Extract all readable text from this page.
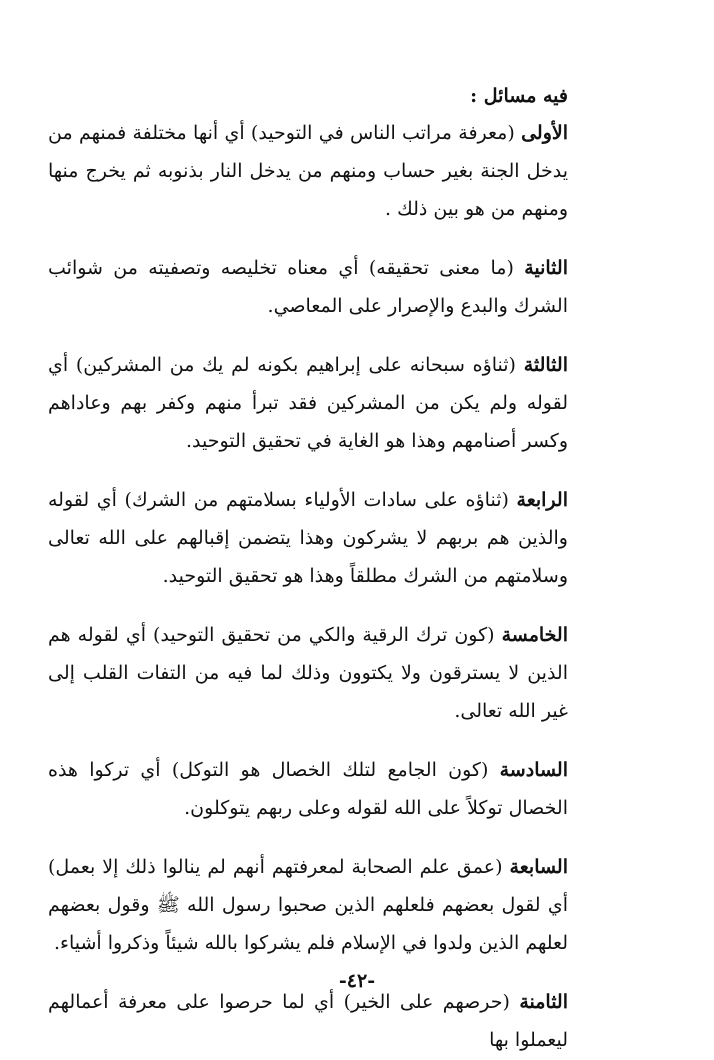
فيه مسائل :

الأولى (معرفة مراتب الناس في التوحيد) أي أنها مختلفة فمنهم من يدخل الجنة بغير حساب ومنهم من يدخل النار بذنوبه ثم يخرج منها ومنهم من هو بين ذلك .

الثانية (ما معنى تحقيقه) أي معناه تخليصه وتصفيته من شوائب الشرك والبدع والإصرار على المعاصي.

الثالثة (ثناؤه سبحانه على إبراهيم بكونه لم يك من المشركين) أي لقوله ولم يكن من المشركين فقد تبرأ منهم وكفر بهم وعاداهم وكسر أصنامهم وهذا هو الغاية في تحقيق التوحيد.

الرابعة (ثناؤه على سادات الأولياء بسلامتهم من الشرك) أي لقوله والذين هم بربهم لا يشركون وهذا يتضمن إقبالهم على الله تعالى وسلامتهم من الشرك مطلقاً وهذا هو تحقيق التوحيد.

الخامسة (كون ترك الرقية والكي من تحقيق التوحيد) أي لقوله هم الذين لا يسترقون ولا يكتوون وذلك لما فيه من التفات القلب إلى غير الله تعالى.

السادسة (كون الجامع لتلك الخصال هو التوكل) أي تركوا هذه الخصال توكلاً على الله لقوله وعلى ربهم يتوكلون.

السابعة (عمق علم الصحابة لمعرفتهم أنهم لم ينالوا ذلك إلا بعمل) أي لقول بعضهم فلعلهم الذين صحبوا رسول الله ﷺ وقول بعضهم لعلهم الذين ولدوا في الإسلام فلم يشركوا بالله شيئاً وذكروا أشياء.

الثامنة (حرصهم على الخير) أي لما حرصوا على معرفة أعمالهم ليعملوا بها

-٤٢-
